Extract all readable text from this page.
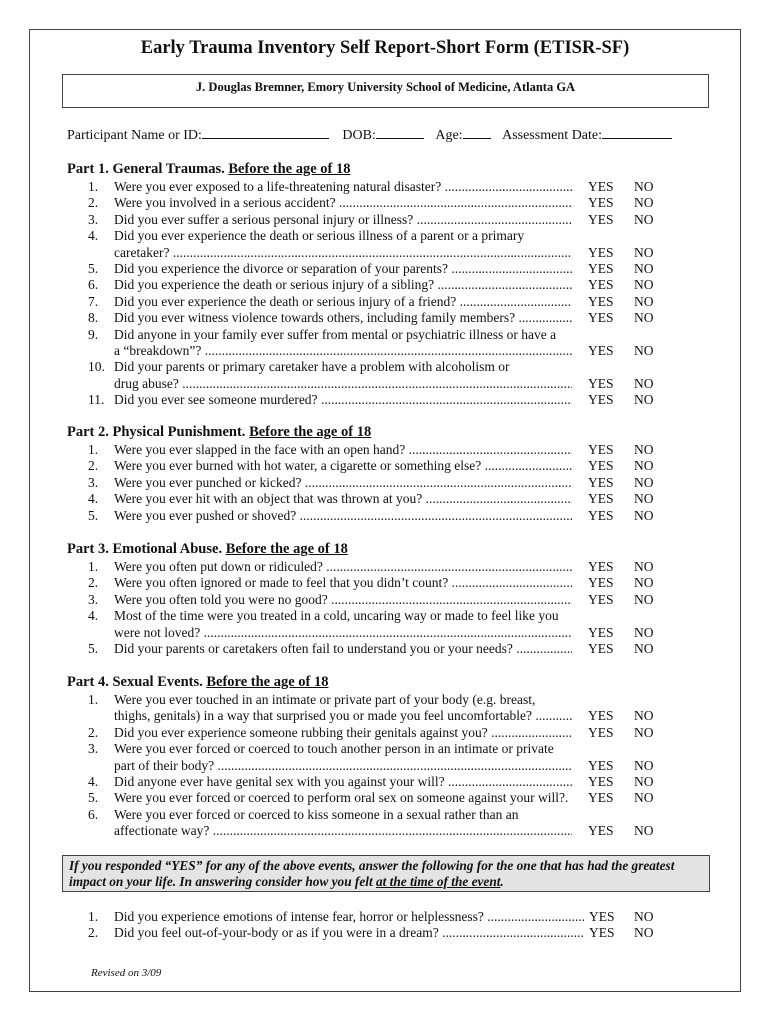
Early Trauma Inventory Self Report-Short Form (ETISR-SF)
J. Douglas Bremner, Emory University School of Medicine, Atlanta GA
Participant Name or ID:	DOB:	Age:	Assessment Date:
Part 1. General Traumas. Before the age of 18
1.	Were you ever exposed to a life-threatening natural disaster? .....	YES NO
2.	Were you involved in a serious accident? .....	YES NO
3.	Did you ever suffer a serious personal injury or illness? .....	YES NO
4.	Did you ever experience the death or serious illness of a parent or a primary
caretaker? .....	YES NO
5.	Did you experience the divorce or separation of your parents? .....	YES NO
6.	Did you experience the death or serious injury of a sibling? .....	YES NO
7.	Did you ever experience the death or serious injury of a friend? .....	YES NO
8.	Did you ever witness violence towards others, including family members? .....	YES NO
9.	Did anyone in your family ever suffer from mental or psychiatric illness or have a
a “breakdown”? .....	YES NO
10. Did your parents or primary caretaker have a problem with alcoholism or
drug abuse? .....	YES NO
11. Did you ever see someone murdered? .....	YES NO
Part 2. Physical Punishment. Before the age of 18
1.	Were you ever slapped in the face with an open hand? .....	YES NO
2.	Were you ever burned with hot water, a cigarette or something else? .....	YES NO
3.	Were you ever punched or kicked? .....	YES NO
4.	Were you ever hit with an object that was thrown at you? .....	YES NO
5.	Were you ever pushed or shoved? .....	YES NO
Part 3. Emotional Abuse. Before the age of 18
1.	Were you often put down or ridiculed? .....	YES NO
2.	Were you often ignored or made to feel that you didn’t count? .....	YES NO
3.	Were you often told you were no good? .....	YES NO
4.	Most of the time were you treated in a cold, uncaring way or made to feel like you
were not loved? .....	YES NO
5.	Did your parents or caretakers often fail to understand you or your needs? .....	YES NO
Part 4. Sexual Events. Before the age of 18
1.	Were you ever touched in an intimate or private part of your body (e.g. breast,
thighs, genitals) in a way that surprised you or made you feel uncomfortable? .....	YES NO
2.	Did you ever experience someone rubbing their genitals against you? .....	YES NO
3.	Were you ever forced or coerced to touch another person in an intimate or private
part of their body? .....	YES NO
4.	Did anyone ever have genital sex with you against your will? .....	YES NO
5.	Were you ever forced or coerced to perform oral sex on someone against your will?. ..... YES NO
6.	Were you ever forced or coerced to kiss someone in a sexual rather than an
affectionate way? .....	YES NO
If you responded “YES” for any of the above events, answer the following for the one that has had the greatest impact on your life. In answering consider how you felt at the time of the event.
1.	Did you experience emotions of intense fear, horror or helplessness? .....	YES NO
2.	Did you feel out-of-your-body or as if you were in a dream? .....	YES NO
Revised on 3/09
